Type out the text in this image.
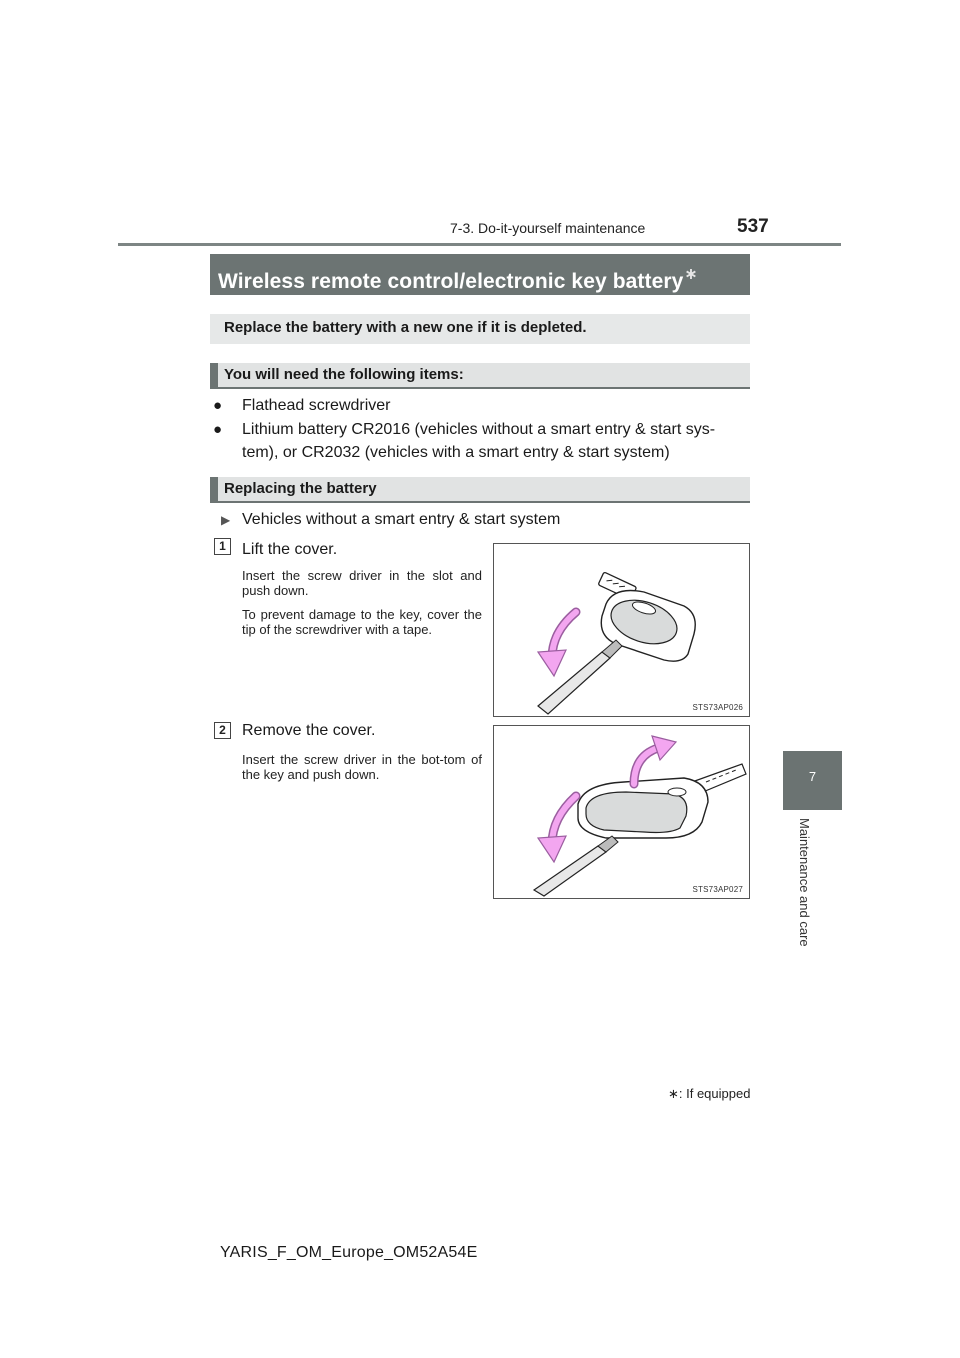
7-3. Do-it-yourself maintenance	537
7
Maintenance and care
Wireless remote control/electronic key battery∗
Replace the battery with a new one if it is depleted.
You will need the following items:
● Flathead screwdriver
● Lithium battery CR2016 (vehicles without a smart entry & start sys-
tem), or CR2032 (vehicles with a smart entry & start system)
Replacing the battery
▶ Vehicles without a smart entry & start system
1	Lift the cover.

Insert the screw driver in the slot and push down.

To prevent damage to the key, cover the tip of the screwdriver with a tape.

STS73AP026
2	Remove the cover.

Insert the screw driver in the bot-tom of the key and push down.

STS73AP027
∗: If equipped
YARIS_F_OM_Europe_OM52A54E
